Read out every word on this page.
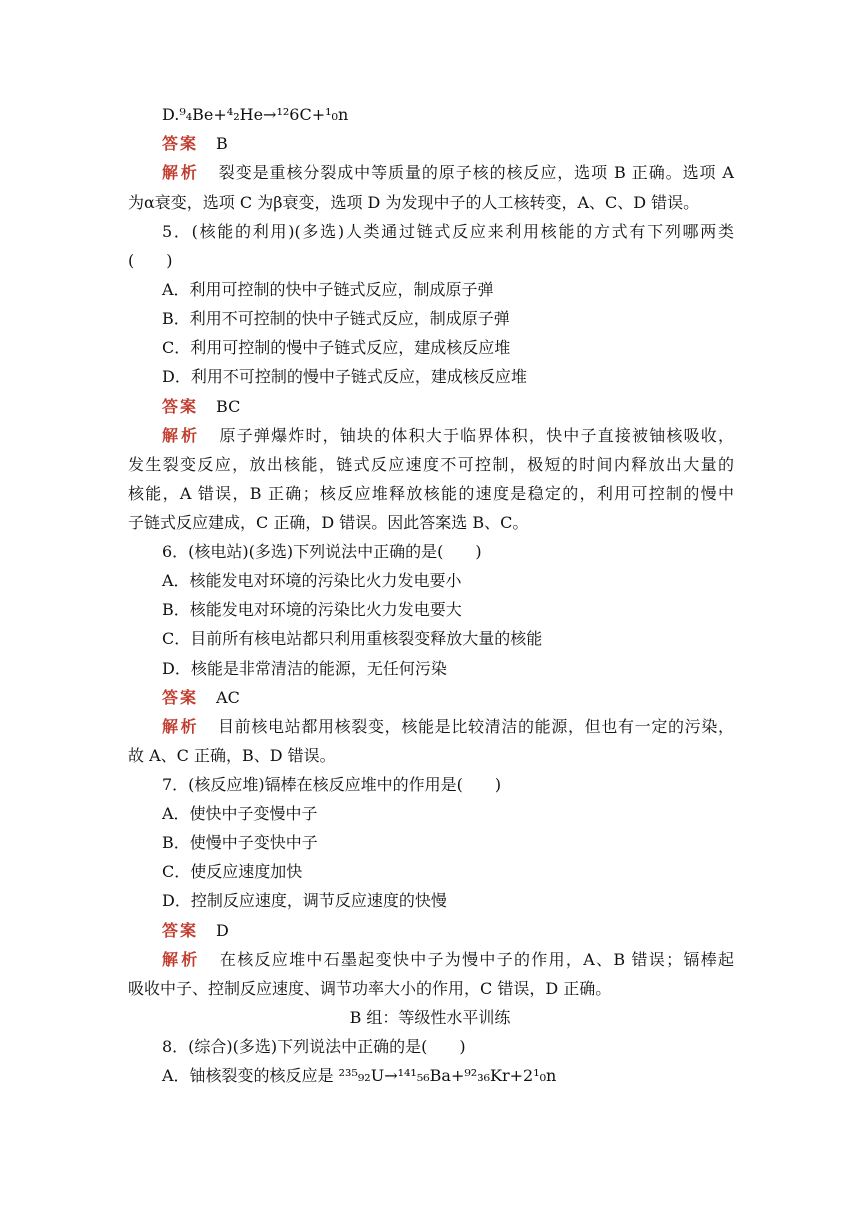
D.⁹₄Be+⁴₂He→¹²6C+¹₀n
答案 B
解析 裂变是重核分裂成中等质量的原子核的核反应，选项 B 正确。选项 A
为α衰变，选项 C 为β衰变，选项 D 为发现中子的人工核转变，A、C、D 错误。
5．(核能的利用)(多选)人类通过链式反应来利用核能的方式有下列哪两类
(　　)
A．利用可控制的快中子链式反应，制成原子弹
B．利用不可控制的快中子链式反应，制成原子弹
C．利用可控制的慢中子链式反应，建成核反应堆
D．利用不可控制的慢中子链式反应，建成核反应堆
答案 BC
解析 原子弹爆炸时，铀块的体积大于临界体积，快中子直接被铀核吸收，
发生裂变反应，放出核能，链式反应速度不可控制，极短的时间内释放出大量的
核能，A 错误，B 正确；核反应堆释放核能的速度是稳定的，利用可控制的慢中
子链式反应建成，C 正确，D 错误。因此答案选 B、C。
6．(核电站)(多选)下列说法中正确的是(　　)
A．核能发电对环境的污染比火力发电要小
B．核能发电对环境的污染比火力发电要大
C．目前所有核电站都只利用重核裂变释放大量的核能
D．核能是非常清洁的能源，无任何污染
答案 AC
解析 目前核电站都用核裂变，核能是比较清洁的能源，但也有一定的污染，
故 A、C 正确，B、D 错误。
7．(核反应堆)镉棒在核反应堆中的作用是(　　)
A．使快中子变慢中子
B．使慢中子变快中子
C．使反应速度加快
D．控制反应速度，调节反应速度的快慢
答案 D
解析 在核反应堆中石墨起变快中子为慢中子的作用，A、B 错误；镉棒起
吸收中子、控制反应速度、调节功率大小的作用，C 错误，D 正确。
B 组：等级性水平训练
8．(综合)(多选)下列说法中正确的是(　　)
A．铀核裂变的核反应是 ²³⁵₉₂U→¹⁴¹₅₆Ba+⁹²₃₆Kr+2¹₀n
